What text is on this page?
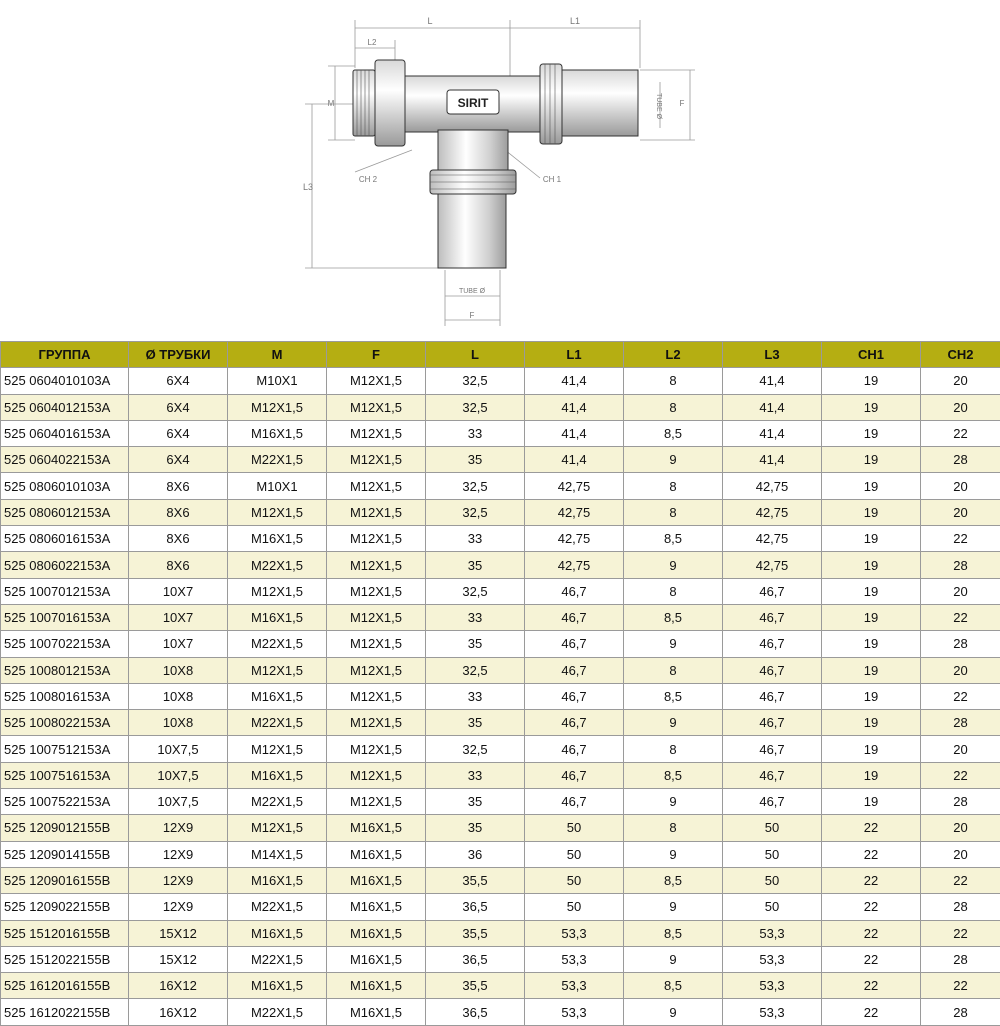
SIRIT
L	L1
L2
L3
M	F
F
TUBE Ø
TUBE Ø
CH 2	CH 1
ГРУППА	Ø ТРУБКИ	M	F	L	L1	L2	L3	CH1	CH2
525 0604010103A	6X4	M10X1	M12X1,5	32,5	41,4	8	41,4	19	20
525 0604012153A	6X4	M12X1,5	M12X1,5	32,5	41,4	8	41,4	19	20
525 0604016153A	6X4	M16X1,5	M12X1,5	33	41,4	8,5	41,4	19	22
525 0604022153A	6X4	M22X1,5	M12X1,5	35	41,4	9	41,4	19	28
525 0806010103A	8X6	M10X1	M12X1,5	32,5	42,75	8	42,75	19	20
525 0806012153A	8X6	M12X1,5	M12X1,5	32,5	42,75	8	42,75	19	20
525 0806016153A	8X6	M16X1,5	M12X1,5	33	42,75	8,5	42,75	19	22
525 0806022153A	8X6	M22X1,5	M12X1,5	35	42,75	9	42,75	19	28
525 1007012153A	10X7	M12X1,5	M12X1,5	32,5	46,7	8	46,7	19	20
525 1007016153A	10X7	M16X1,5	M12X1,5	33	46,7	8,5	46,7	19	22
525 1007022153A	10X7	M22X1,5	M12X1,5	35	46,7	9	46,7	19	28
525 1008012153A	10X8	M12X1,5	M12X1,5	32,5	46,7	8	46,7	19	20
525 1008016153A	10X8	M16X1,5	M12X1,5	33	46,7	8,5	46,7	19	22
525 1008022153A	10X8	M22X1,5	M12X1,5	35	46,7	9	46,7	19	28
525 1007512153A	10X7,5	M12X1,5	M12X1,5	32,5	46,7	8	46,7	19	20
525 1007516153A	10X7,5	M16X1,5	M12X1,5	33	46,7	8,5	46,7	19	22
525 1007522153A	10X7,5	M22X1,5	M12X1,5	35	46,7	9	46,7	19	28
525 1209012155B	12X9	M12X1,5	M16X1,5	35	50	8	50	22	20
525 1209014155B	12X9	M14X1,5	M16X1,5	36	50	9	50	22	20
525 1209016155B	12X9	M16X1,5	M16X1,5	35,5	50	8,5	50	22	22
525 1209022155B	12X9	M22X1,5	M16X1,5	36,5	50	9	50	22	28
525 1512016155B	15X12	M16X1,5	M16X1,5	35,5	53,3	8,5	53,3	22	22
525 1512022155B	15X12	M22X1,5	M16X1,5	36,5	53,3	9	53,3	22	28
525 1612016155B	16X12	M16X1,5	M16X1,5	35,5	53,3	8,5	53,3	22	22
525 1612022155B	16X12	M22X1,5	M16X1,5	36,5	53,3	9	53,3	22	28
